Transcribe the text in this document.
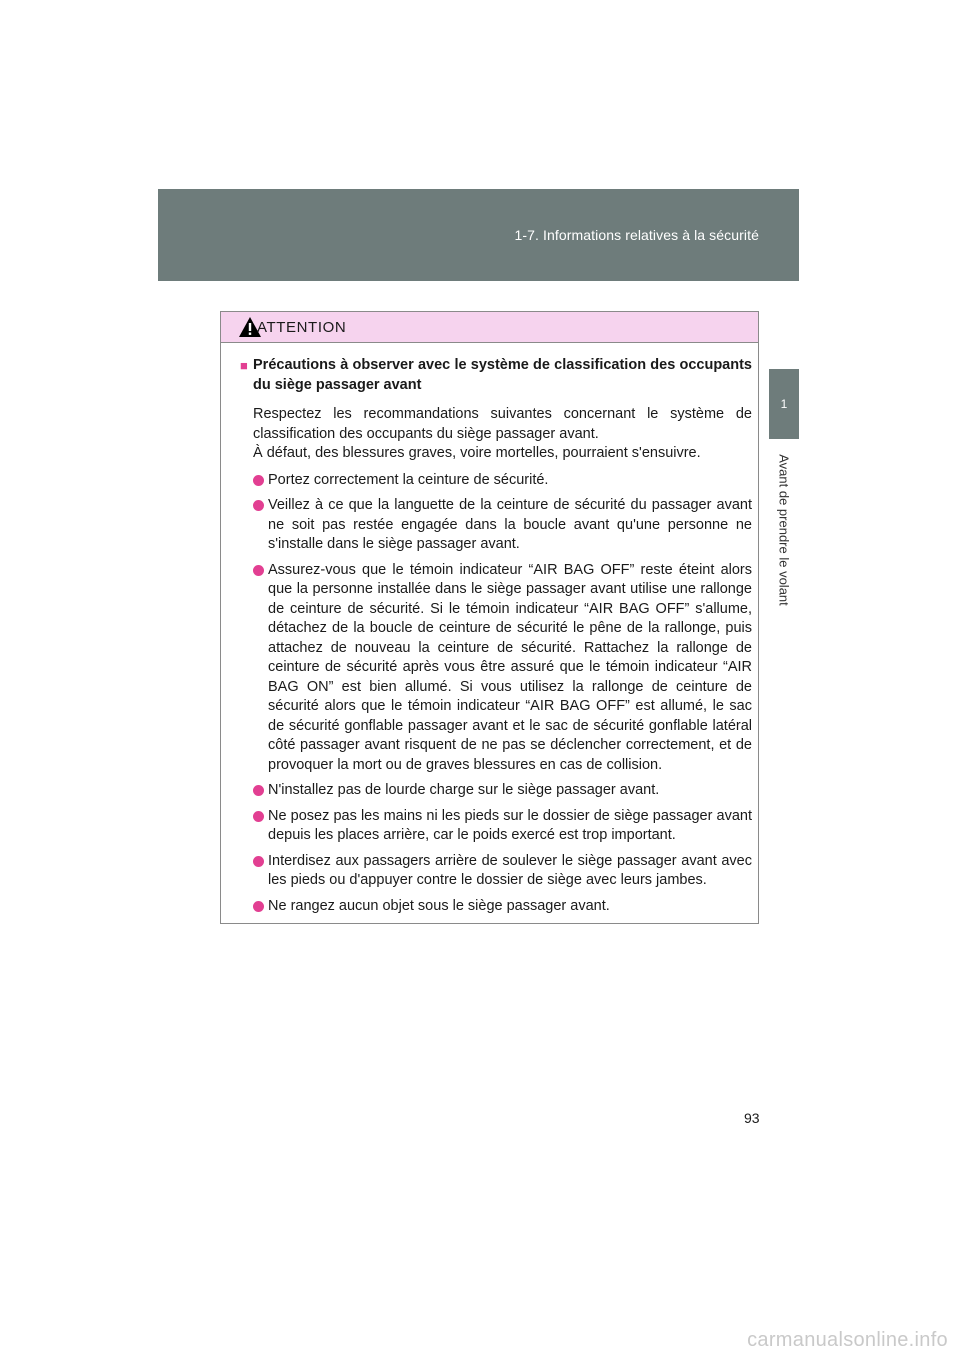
1-7. Informations relatives à la sécurité
1
Avant de prendre le volant
ATTENTION
■ Précautions à observer avec le système de classification des occupants du siège passager avant

Respectez les recommandations suivantes concernant le système de classification des occupants du siège passager avant.

À défaut, des blessures graves, voire mortelles, pourraient s'ensuivre.

Portez correctement la ceinture de sécurité.
Veillez à ce que la languette de la ceinture de sécurité du passager avant ne soit pas restée engagée dans la boucle avant qu'une personne ne s'installe dans le siège passager avant.
Assurez-vous que le témoin indicateur “AIR BAG OFF” reste éteint alors que la personne installée dans le siège passager avant utilise une rallonge de ceinture de sécurité. Si le témoin indicateur “AIR BAG OFF” s'allume, détachez de la boucle de ceinture de sécurité le pêne de la rallonge, puis attachez de nouveau la ceinture de sécurité. Rattachez la rallonge de ceinture de sécurité après vous être assuré que le témoin indicateur “AIR BAG ON” est bien allumé. Si vous utilisez la rallonge de ceinture de sécurité alors que le témoin indicateur “AIR BAG OFF” est allumé, le sac de sécurité gonflable passager avant et le sac de sécurité gonflable latéral côté passager avant risquent de ne pas se déclencher correctement, et de provoquer la mort ou de graves blessures en cas de collision.
N'installez pas de lourde charge sur le siège passager avant.
Ne posez pas les mains ni les pieds sur le dossier de siège passager avant depuis les places arrière, car le poids exercé est trop important.
Interdisez aux passagers arrière de soulever le siège passager avant avec les pieds ou d'appuyer contre le dossier de siège avec leurs jambes.
Ne rangez aucun objet sous le siège passager avant.
93
carmanualsonline.info
